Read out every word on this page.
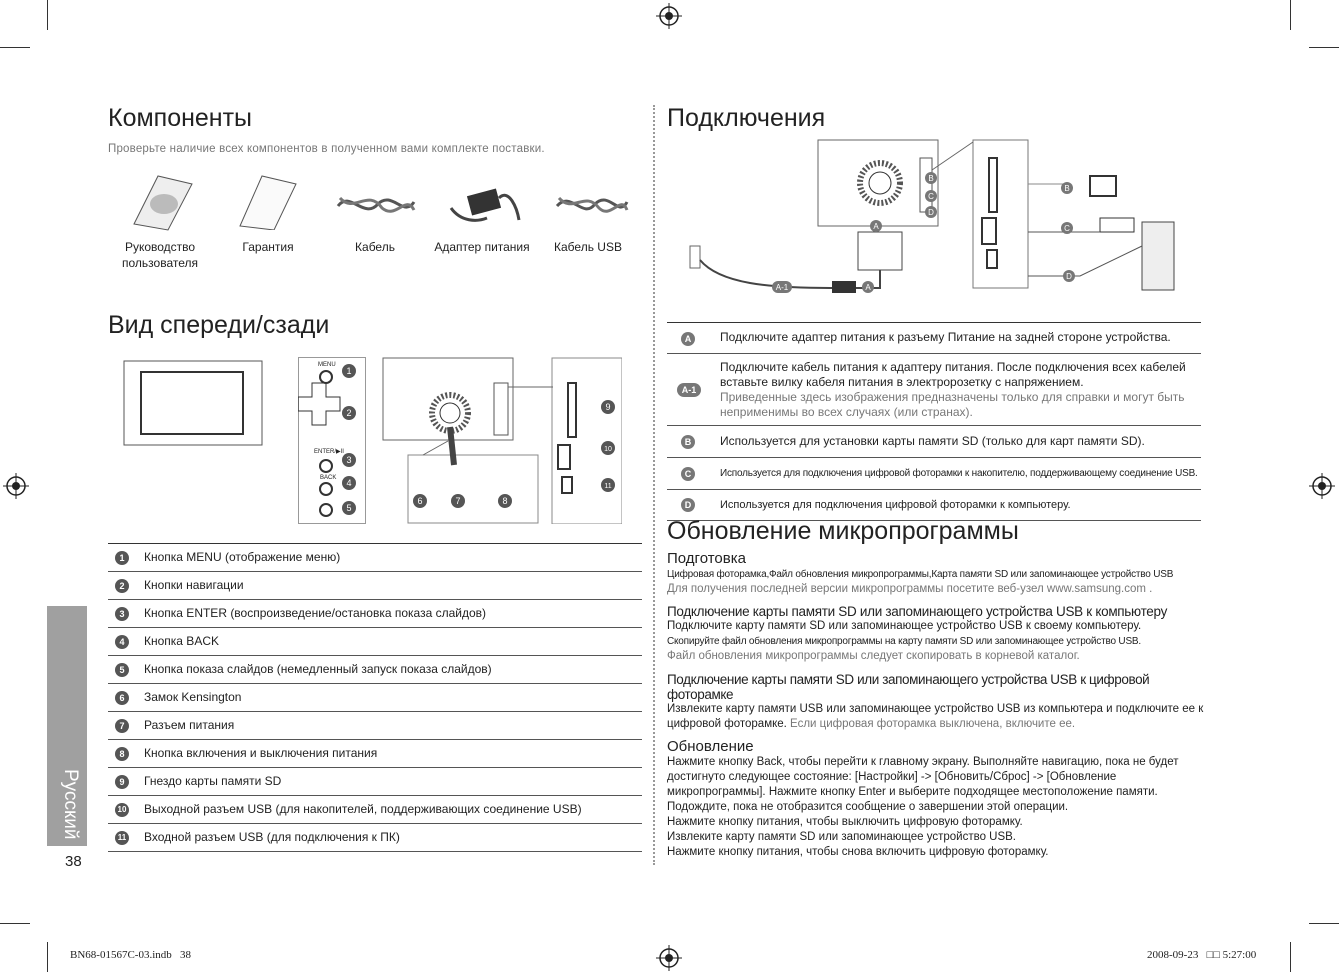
Компоненты
Проверьте наличие всех компонентов в полученном вами комплекте поставки.
Руководство пользователя
Гарантия	Кабель	Адаптер питания	Кабель USB
Вид спереди/сзади
MENU
ENTER/▶II
BACK
1
2
3
4
5
6	7	8
9
10
11
1	Кнопка MENU (отображение меню)
2	Кнопки навигации
3	Кнопка ENTER (воспроизведение/остановка показа слайдов)
4	Кнопка BACK
5	Кнопка показа слайдов (немедленный запуск показа слайдов)
6	Замок Kensington
7	Разъем питания
8	Кнопка включения и выключения питания
9	Гнездо карты памяти SD
10 Выходной разъем USB (для накопителей, поддерживающих соединение USB)
11 Входной разъем USB (для подключения к ПК)
Русский
38
Подключения
A-1	A
A
B
C
D
B
C
D
A	Подключите адаптер питания к разъему Питание на задней стороне устройства.
A-1
Подключите кабель питания к адаптеру питания. После подключения всех кабелей вставьте вилку кабеля питания в электророзетку с напряжением.
Приведенные здесь изображения предназначены только для справки и могут быть неприменимы во всех случаях (или странах).
B	Используется для установки карты памяти SD (только для карт памяти SD).
C	Используется для подключения цифровой фоторамки к накопителю, поддерживающему соединение USB.
D	Используется для подключения цифровой фоторамки к компьютеру.
Обновление микропрограммы
Подготовка

Цифровая фоторамка,Файл обновления микропрограммы,Карта памяти SD или запоминающее устройство USB

Для получения последней версии микропрограммы посетите веб-узел www.samsung.com .

Подключение карты памяти SD или запоминающего устройства USB к компьютеру

Подключите карту памяти SD или запоминающее устройство USB к своему компьютеру.

Скопируйте файл обновления микропрограммы на карту памяти SD или запоминающее устройство USB.

Файл обновления микропрограммы следует скопировать в корневой каталог.

Подключение карты памяти SD или запоминающего устройства USB к цифровой фоторамке

Извлеките карту памяти USB или запоминающее устройство USB из компьютера и подключите ее к цифровой фоторамке. Если цифровая фоторамка выключена, включите ее.

Обновление

Нажмите кнопку Back, чтобы перейти к главному экрану. Выполняйте навигацию, пока не будет достигнуто следующее состояние: [Настройки] -> [Обновить/Сброс] -> [Обновление микропрограммы]. Нажмите кнопку Enter и выберите подходящее местоположение памяти.

Подождите, пока не отобразится сообщение о завершении этой операции.

Нажмите кнопку питания, чтобы выключить цифровую фоторамку.

Извлеките карту памяти SD или запоминающее устройство USB.

Нажмите кнопку питания, чтобы снова включить цифровую фоторамку.

BN68-01567C-03.indb   38	2008-09-23   □□ 5:27:00
